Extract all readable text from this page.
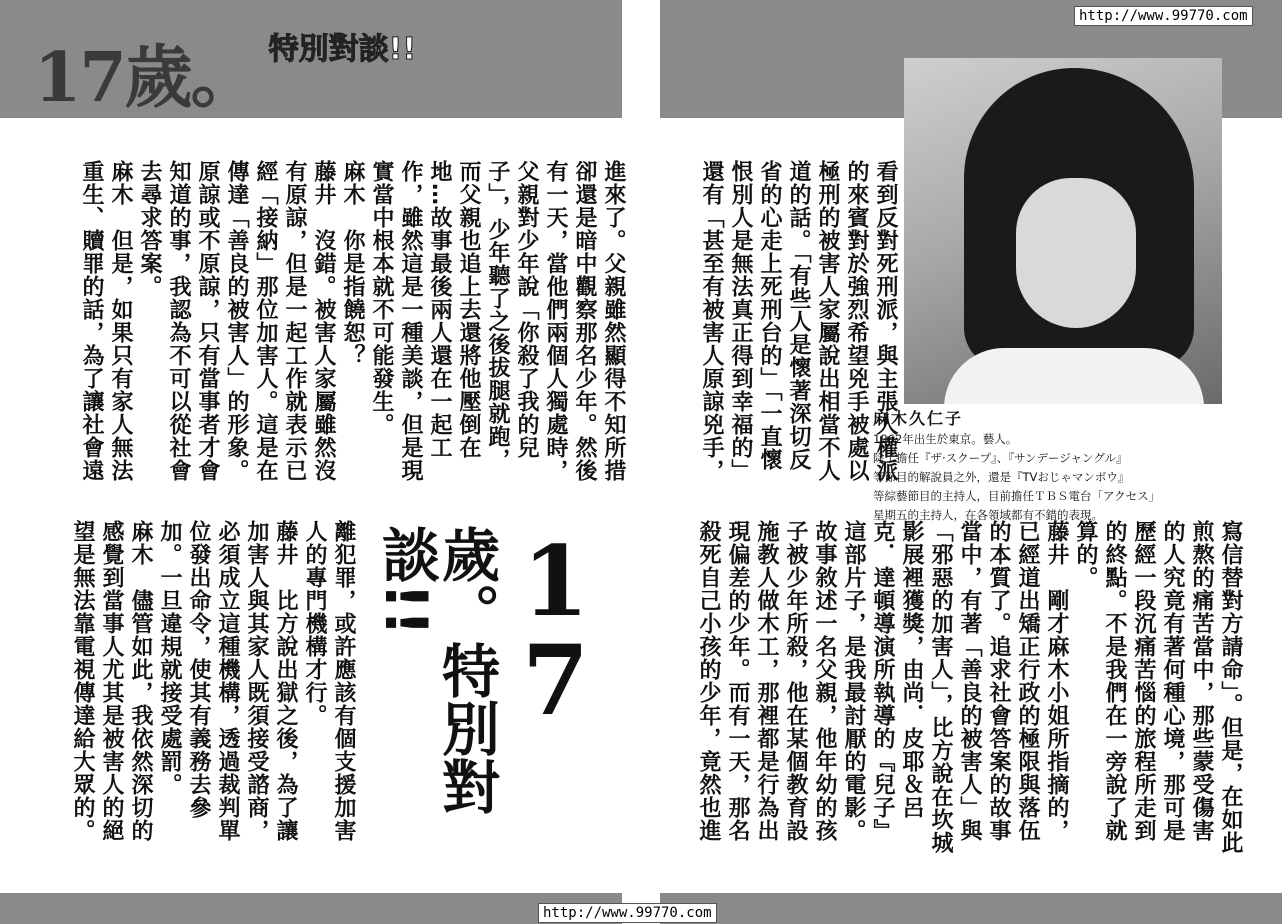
17歲。 特別對談!!
http://www.99770.com
http://www.99770.com
進來了。父親雖然顯得不知所措卻還是暗中觀察那名少年。然後有一天，當他們兩個人獨處時，父親對少年說「你殺了我的兒子」，少年聽了之後拔腿就跑，而父親也追上去還將他壓倒在地…故事最後兩人還在一起工作，雖然這是一種美談，但是現實當中根本就不可能發生。
麻木　你是指饒恕？
藤井　沒錯。被害人家屬雖然沒有原諒，但是一起工作就表示已經「接納」那位加害人。這是在傳達「善良的被害人」的形象。原諒或不原諒，只有當事者才會知道的事，我認為不可以從社會去尋求答案。
麻木　但是，如果只有家人無法重生、贖罪的話，為了讓社會遠
離犯罪，或許應該有個支援加害人的專門機構才行。
藤井　比方說出獄之後，為了讓加害人與其家人既須接受諮商，必須成立這種機構，透過裁判單位發出命令，使其有義務去參加。一旦違規就接受處罰。
麻木　儘管如此，我依然深切的感覺到當事人尤其是被害人的絕望是無法靠電視傳達給大眾的。	17
歲。特別對談!!
看到反對死刑派，與主張人權派的來賓對於強烈希望兇手被處以極刑的被害人家屬說出相當不人道的話。「有些人是懷著深切反省的心走上死刑台的」「一直懷恨別人是無法真正得到幸福的」還有「甚至有被害人原諒兇手，
寫信替對方請命」。但是，在如此煎熬的痛苦當中，那些蒙受傷害的人究竟有著何種心境，那可是歷經一段沉痛苦惱的旅程所走到的終點。不是我們在一旁說了就算的。
藤井　剛才麻木小姐所指摘的，已經道出矯正行政的極限與落伍的本質了。追求社會答案的故事當中，有著「善良的被害人」與「邪惡的加害人」，比方說在坎城影展裡獲獎，由尚．皮耶＆呂克．達頓導演所執導的『兒子』這部片子，是我最討厭的電影。故事敘述一名父親，他年幼的孩子被少年所殺，他在某個教育設施教人做木工，那裡都是行為出現偏差的少年。而有一天，那名殺死自己小孩的少年，竟然也進
麻木久仁子
1962年出生於東京。藝人。
除了擔任『ザ·スクープ』、『サンデージャングル』
等節目的解說員之外，還是『TVおじゃマンボウ』
等綜藝節目的主持人，目前擔任ＴＢＳ電台「アクセス」
星期五的主持人，在各領域都有不錯的表現。
